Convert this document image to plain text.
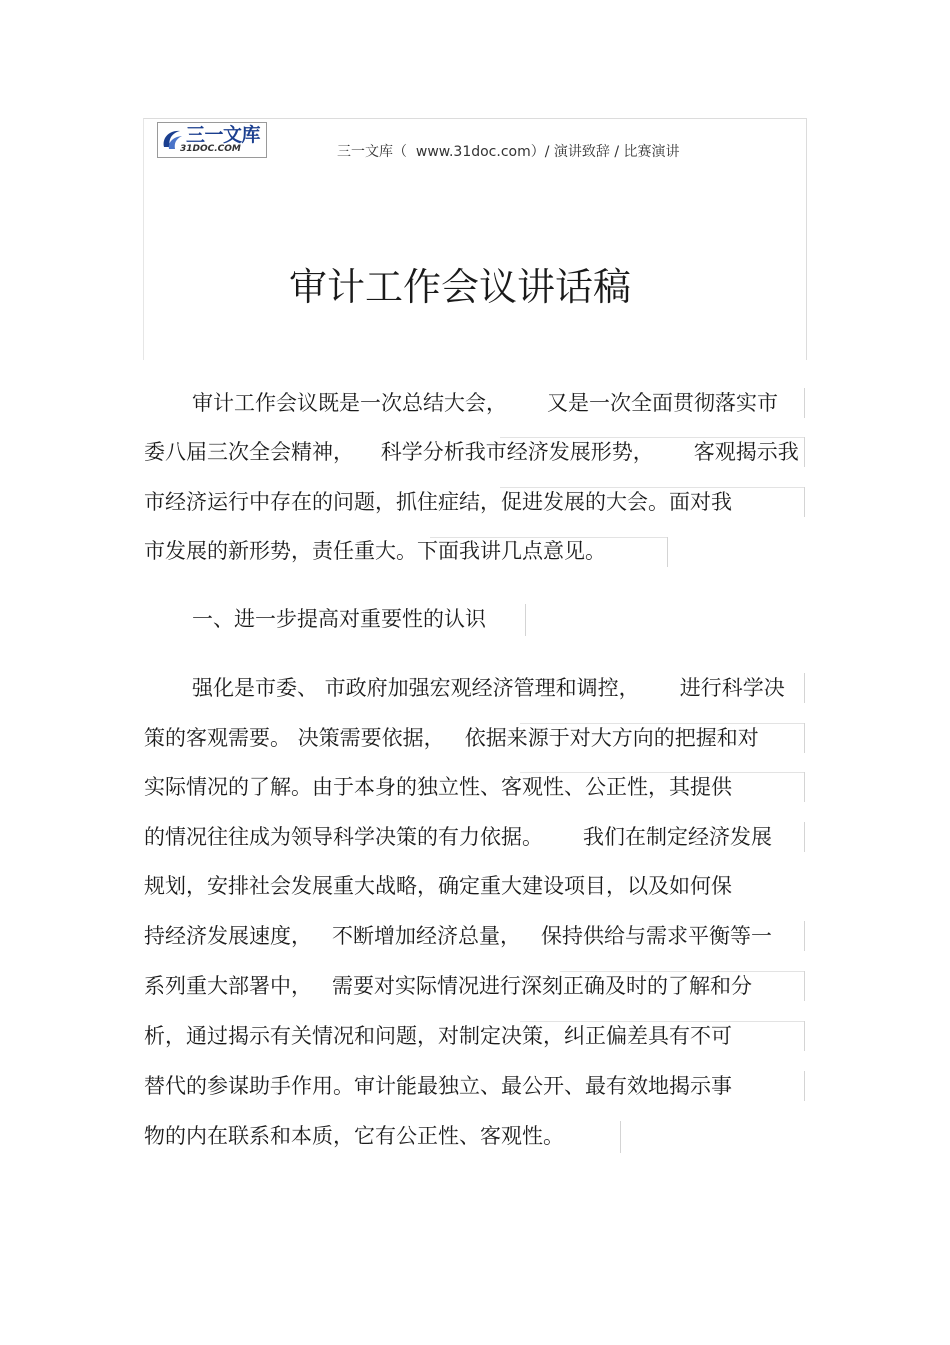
三一文库
31DOC.COM	三一文库（  www.31doc.com）/ 演讲致辞 / 比赛演讲
审计工作会议讲话稿
审计工作会议既是一次总结大会，      又是一次全面贯彻落实市
委八届三次全会精神，    科学分析我市经济发展形势，      客观揭示我
市经济运行中存在的问题，抓住症结，促进发展的大会。面对我
市发展的新形势，责任重大。下面我讲几点意见。
一、进一步提高对重要性的认识
强化是市委、 市政府加强宏观经济管理和调控，      进行科学决
策的客观需要。 决策需要依据，   依据来源于对大方向的把握和对
实际情况的了解。由于本身的独立性、客观性、公正性，其提供
的情况往往成为领导科学决策的有力依据。      我们在制定经济发展
规划，安排社会发展重大战略，确定重大建设项目，以及如何保
持经济发展速度，   不断增加经济总量，   保持供给与需求平衡等一
系列重大部署中，   需要对实际情况进行深刻正确及时的了解和分
析，通过揭示有关情况和问题，对制定决策，纠正偏差具有不可
替代的参谋助手作用。审计能最独立、最公开、最有效地揭示事
物的内在联系和本质，它有公正性、客观性。
